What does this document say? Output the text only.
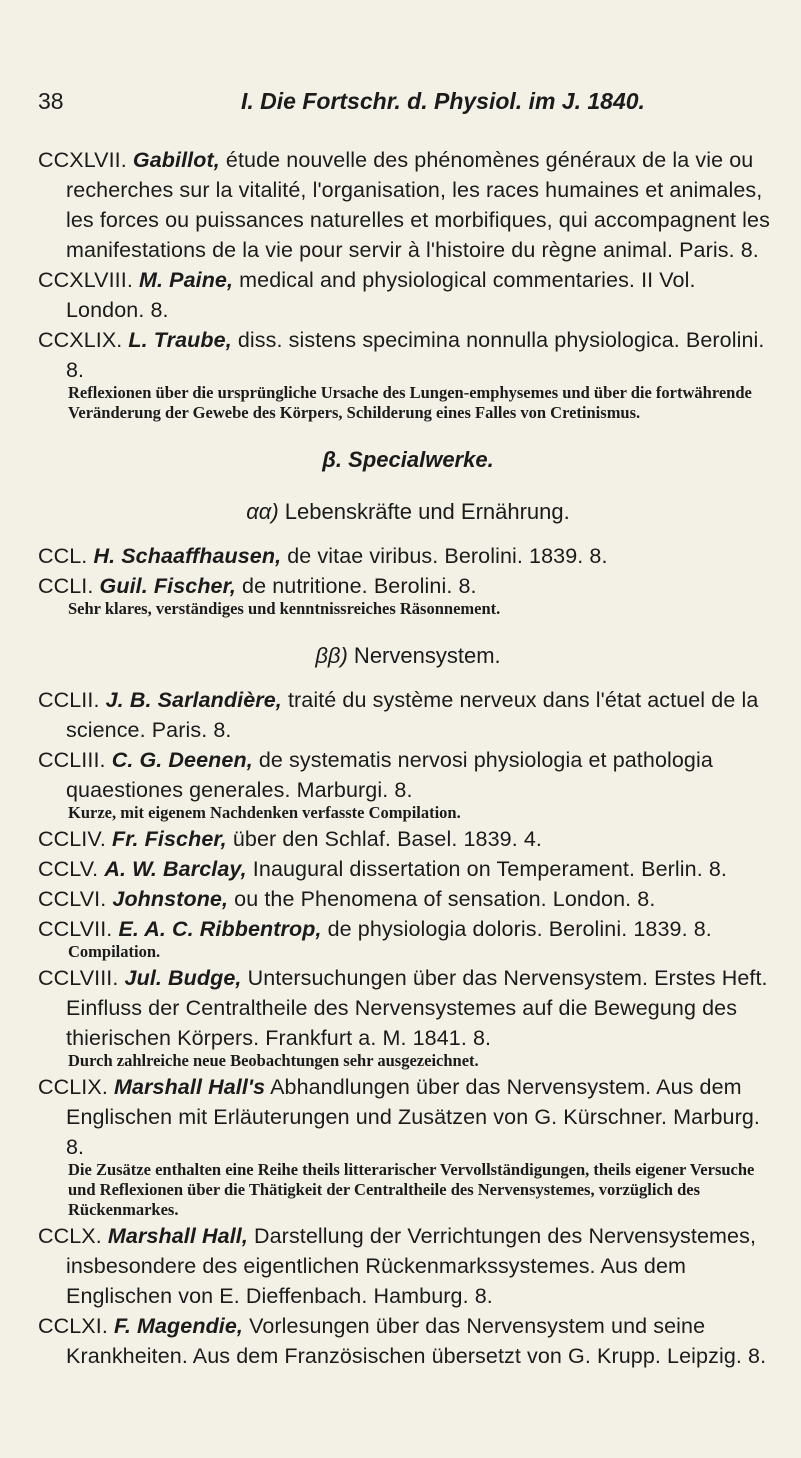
38	I. Die Fortschr. d. Physiol. im J. 1840.
CCXLVII. Gabillot, étude nouvelle des phénomènes généraux de la vie ou recherches sur la vitalité, l'organisation, les races humaines et animales, les forces ou puissances naturelles et morbifiques, qui accompagnent les manifestations de la vie pour servir à l'histoire du règne animal. Paris. 8.
CCXLVIII. M. Paine, medical and physiological commentaries. II Vol. London. 8.
CCXLIX. L. Traube, diss. sistens specimina nonnulla physiologica. Berolini. 8.
Reflexionen über die ursprüngliche Ursache des Lungen-emphysemes und über die fortwährende Veränderung der Gewebe des Körpers, Schilderung eines Falles von Cretinismus.
β. Specialwerke.
αα) Lebenskräfte und Ernährung.
CCL. H. Schaaffhausen, de vitae viribus. Berolini. 1839. 8.
CCLI. Guil. Fischer, de nutritione. Berolini. 8.
Sehr klares, verständiges und kenntnissreiches Räsonnement.
ββ) Nervensystem.
CCLII. J. B. Sarlandière, traité du système nerveux dans l'état actuel de la science. Paris. 8.
CCLIII. C. G. Deenen, de systematis nervosi physiologia et pathologia quaestiones generales. Marburgi. 8.
Kurze, mit eigenem Nachdenken verfasste Compilation.
CCLIV. Fr. Fischer, über den Schlaf. Basel. 1839. 4.
CCLV. A. W. Barclay, Inaugural dissertation on Temperament. Berlin. 8.
CCLVI. Johnstone, ou the Phenomena of sensation. London. 8.
CCLVII. E. A. C. Ribbentrop, de physiologia doloris. Berolini. 1839. 8.
Compilation.
CCLVIII. Jul. Budge, Untersuchungen über das Nervensystem. Erstes Heft. Einfluss der Centraltheile des Nervensystemes auf die Bewegung des thierischen Körpers. Frankfurt a. M. 1841. 8.
Durch zahlreiche neue Beobachtungen sehr ausgezeichnet.
CCLIX. Marshall Hall's Abhandlungen über das Nervensystem. Aus dem Englischen mit Erläuterungen und Zusätzen von G. Kürschner. Marburg. 8.
Die Zusätze enthalten eine Reihe theils litterarischer Vervollständigungen, theils eigener Versuche und Reflexionen über die Thätigkeit der Centraltheile des Nervensystemes, vorzüglich des Rückenmarkes.
CCLX. Marshall Hall, Darstellung der Verrichtungen des Nervensystemes, insbesondere des eigentlichen Rückenmarkssystemes. Aus dem Englischen von E. Dieffenbach. Hamburg. 8.
CCLXI. F. Magendie, Vorlesungen über das Nervensystem und seine Krankheiten. Aus dem Französischen übersetzt von G. Krupp. Leipzig. 8.
